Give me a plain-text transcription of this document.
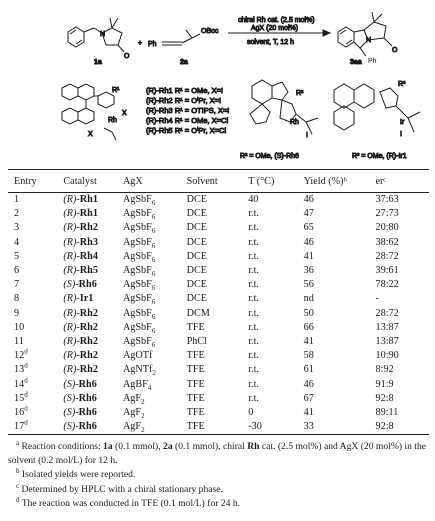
1a
N
O
+ Ph
OBoc
2a
chiral Rh cat. (2.5 mol%)
AgX (20 mol%)
solvent, T, 12 h	N
O
Ph
3aa
R¹
Rh
X
X
(R)-Rh1 R¹ = OMe, X=I
(R)-Rh2 R¹ = OⁱPr, X=I
(R)-Rh3 R¹ = OTIPS, X=I
(R)-Rh4 R¹ = OMe, X=Cl
(R)-Rh5 R¹ = OⁱPr, X=Cl
R²
Rh
I
R² = OMe, (S)-Rh6
R³
Ir
I
R³ = OMe, (R)-Ir1
Entry	Catalyst	AgX	Solvent	T (°C)	Yield (%)ᵇ	erᶜ
1	(R)-Rh1	AgSbF$_6$	DCE	40	46	37:63
2	(R)-Rh1	AgSbF$_6$	DCE	r.t.	47	27:73
3	(R)-Rh2	AgSbF$_6$	DCE	r.t.	65	20:80
4	(R)-Rh3	AgSbF$_6$	DCE	r.t.	46	38:62
5	(R)-Rh4	AgSbF$_6$	DCE	r.t.	41	28:72
6	(R)-Rh5	AgSbF$_6$	DCE	r.t.	36	39:61
7	(S)-Rh6	AgSbF$_6$	DCE	r.t.	56	78:22
8	(R)-Ir1	AgSbF$_6$	DCE	r.t.	nd	-
9	(R)-Rh2	AgSbF$_6$	DCM	r.t.	50	28:72
10	(R)-Rh2	AgSbF$_6$	TFE	r.t.	66	13:87
11	(R)-Rh2	AgSbF$_6$	PhCl	r.t.	41	13:87
12$^d$	(R)-Rh2	AgOTf	TFE	r.t.	58	10:90
13$^d$	(R)-Rh2	AgNTf$_2$	TFE	r.t.	61	8:92
14$^d$	(S)-Rh6	AgBF$_4$	TFE	r.t.	46	91:9
15$^d$	(S)-Rh6	AgF$_2$	TFE	r.t.	67	92:8
16$^d$	(S)-Rh6	AgF$_2$	TFE	0	41	89:11
17$^d$	(S)-Rh6	AgF$_2$	TFE	-30	33	92:8

$^a$ Reaction conditions: 1a (0.1 mmol), 2a (0.1 mmol), chiral Rh cat. (2.5 mol%) and AgX (20 mol%) in the solvent (0.2 mol/L) for 12 h.

$^b$ Isolated yields were reported.

$^c$ Determined by HPLC with a chiral stationary phase.

$^d$ The reaction was conducted in TFE (0.1 mol/L) for 24 h.
